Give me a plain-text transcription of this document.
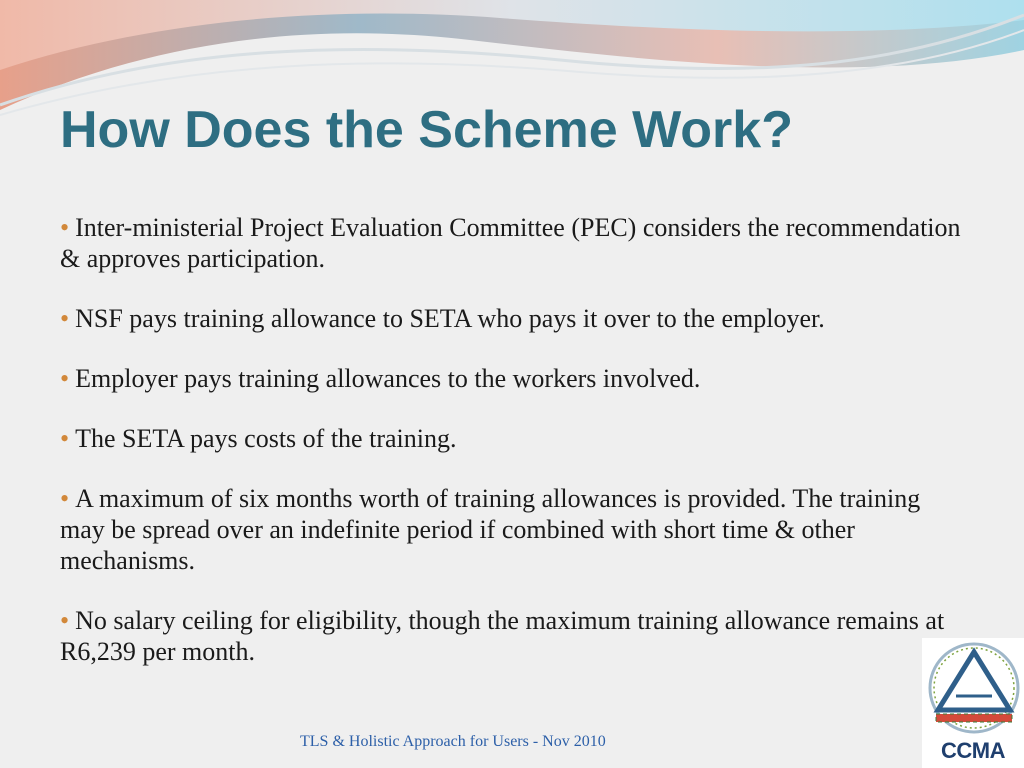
How Does the Scheme Work?
• Inter-ministerial Project Evaluation Committee (PEC) considers the recommendation & approves participation.
• NSF pays training allowance to SETA who pays it over to the employer.
• Employer pays training allowances to the workers involved.
• The SETA pays costs of the training.
• A maximum of six months worth of training allowances is provided. The training may be spread over an indefinite period if combined with short time & other mechanisms.
• No salary ceiling for eligibility, though the maximum training allowance remains at R6,239 per month.
TLS & Holistic Approach for Users - Nov 2010	CCMA
